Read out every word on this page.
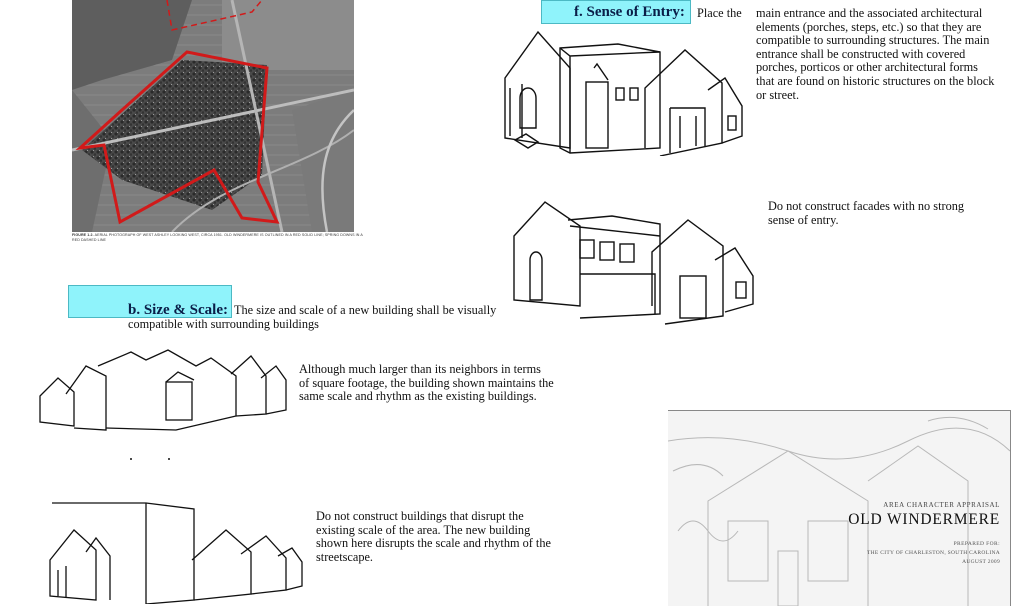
FIGURE 1.2. AERIAL PHOTOGRAPH OF WEST ASHLEY LOOKING WEST, CIRCA 1951. OLD WINDERMERE IS OUTLINED IN A RED SOLID LINE; SPRING DOWNS IN A RED DASHED LINE
f. Sense of Entry: Place the	main entrance and the associated architectural elements (porches, steps, etc.) so that they are compatible to surrounding structures. The main entrance shall be constructed with covered porches, porticos or other architectural forms that are found on historic structures on the block or street.
Do not construct facades with no strong sense of entry.
b. Size & Scale: The size and scale of a new building shall be visually compatible with surrounding buildings
Although much larger than its neighbors in terms of square footage, the building shown maintains the same scale and rhythm as the existing buildings.
Do not construct buildings that disrupt the existing scale of the area. The new building shown here disrupts the scale and rhythm of the streetscape.
AREA CHARACTER APPRAISAL
OLD WINDERMERE
PREPARED FOR:
THE CITY OF CHARLESTON, SOUTH CAROLINA
AUGUST 2009
